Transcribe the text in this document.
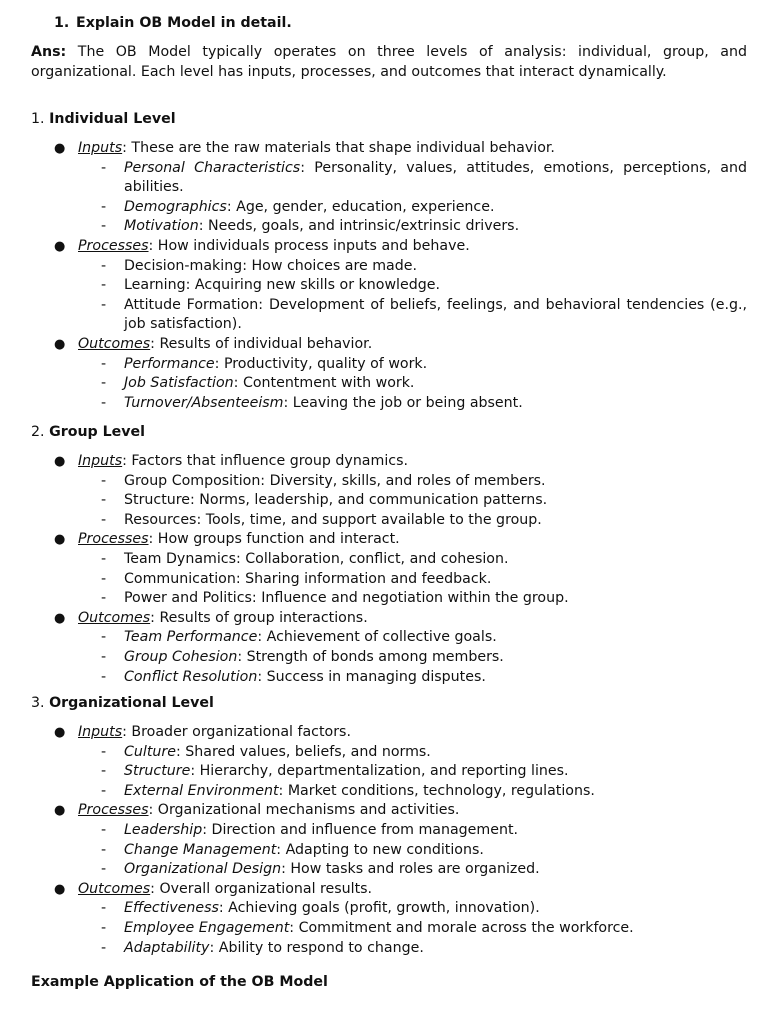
1. Explain OB Model in detail.
Ans: The OB Model typically operates on three levels of analysis: individual, group, and organizational. Each level has inputs, processes, and outcomes that interact dynamically.
1. Individual Level
● Inputs: These are the raw materials that shape individual behavior.
- Personal Characteristics: Personality, values, attitudes, emotions, perceptions, and abilities.
- Demographics: Age, gender, education, experience.
- Motivation: Needs, goals, and intrinsic/extrinsic drivers.
● Processes: How individuals process inputs and behave.
- Decision-making: How choices are made.
- Learning: Acquiring new skills or knowledge.
- Attitude Formation: Development of beliefs, feelings, and behavioral tendencies (e.g., job satisfaction).
● Outcomes: Results of individual behavior.
- Performance: Productivity, quality of work.
- Job Satisfaction: Contentment with work.
- Turnover/Absenteeism: Leaving the job or being absent.
2. Group Level
● Inputs: Factors that influence group dynamics.
- Group Composition: Diversity, skills, and roles of members.
- Structure: Norms, leadership, and communication patterns.
- Resources: Tools, time, and support available to the group.
● Processes: How groups function and interact.
- Team Dynamics: Collaboration, conflict, and cohesion.
- Communication: Sharing information and feedback.
- Power and Politics: Influence and negotiation within the group.
● Outcomes: Results of group interactions.
- Team Performance: Achievement of collective goals.
- Group Cohesion: Strength of bonds among members.
- Conflict Resolution: Success in managing disputes.
3. Organizational Level
● Inputs: Broader organizational factors.
- Culture: Shared values, beliefs, and norms.
- Structure: Hierarchy, departmentalization, and reporting lines.
- External Environment: Market conditions, technology, regulations.
● Processes: Organizational mechanisms and activities.
- Leadership: Direction and influence from management.
- Change Management: Adapting to new conditions.
- Organizational Design: How tasks and roles are organized.
● Outcomes: Overall organizational results.
- Effectiveness: Achieving goals (profit, growth, innovation).
- Employee Engagement: Commitment and morale across the workforce.
- Adaptability: Ability to respond to change.
Example Application of the OB Model
